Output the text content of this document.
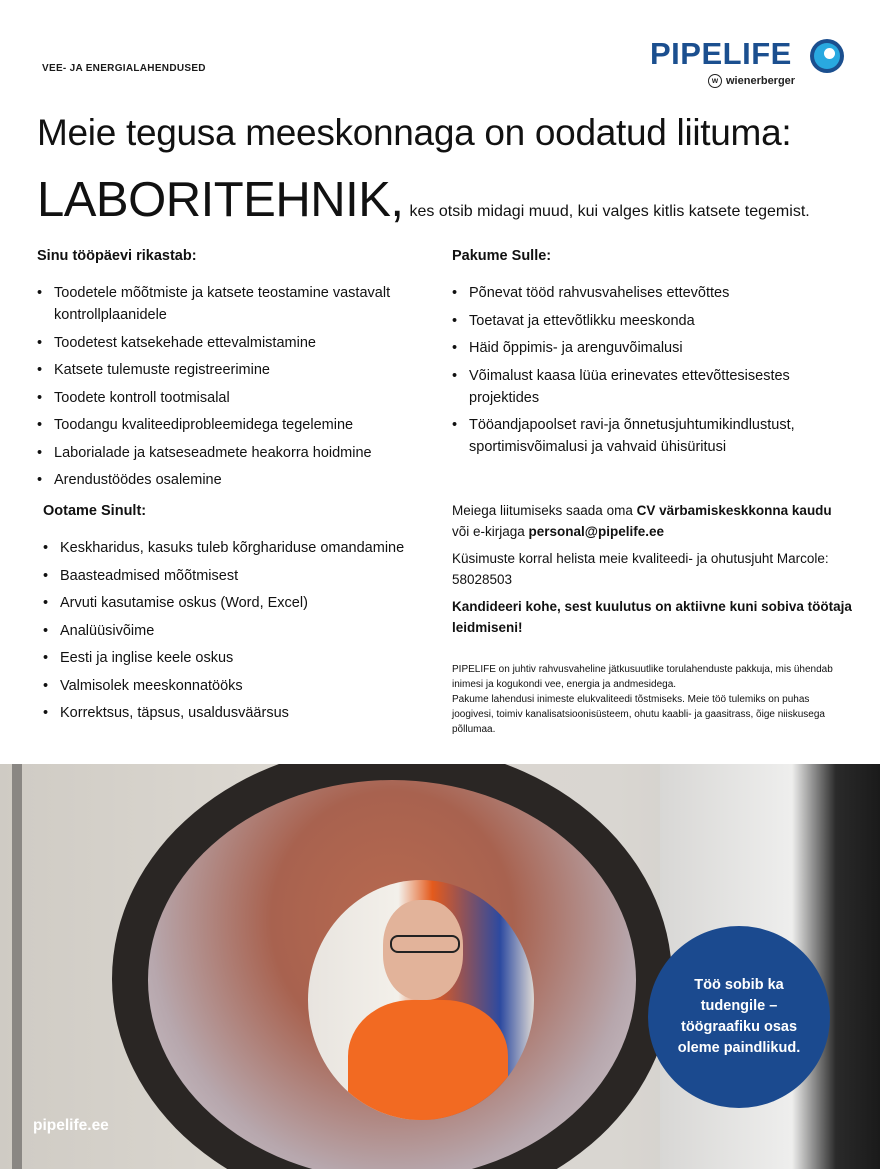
VEE- JA ENERGIALAHENDUSED	PIPELIFE
w wienerberger
Meie tegusa meeskonnaga on oodatud liituma:
LABORITEHNIK, kes otsib midagi muud, kui valges kitlis katsete tegemist.
Sinu tööpäevi rikastab:
• Toodetele mõõtmiste ja katsete teostamine vastavalt kontrollplaanidele
• Toodetest katsekehade ettevalmistamine
• Katsete tulemuste registreerimine
• Toodete kontroll tootmisalal
• Toodangu kvaliteediprobleemidega tegelemine
• Laborialade ja katseseadmete heakorra hoidmine
• Arendustöödes osalemine
Ootame Sinult:
• Keskharidus, kasuks tuleb kõrghariduse omandamine
• Baasteadmised mõõtmisest
• Arvuti kasutamise oskus (Word, Excel)
• Analüüsivõime
• Eesti ja inglise keele oskus
• Valmisolek meeskonnatööks
• Korrektsus, täpsus, usaldusväärsus
Pakume Sulle:
• Põnevat tööd rahvusvahelises ettevõttes
• Toetavat ja ettevõtlikku meeskonda
• Häid õppimis- ja arenguvõimalusi
• Võimalust kaasa lüüa erinevates ettevõttesisestes projektides
• Tööandjapoolset ravi-ja õnnetusjuhtumikindlustust, sportimisvõimalusi ja vahvaid ühisüritusi

Meiega liitumiseks saada oma CV värbamiskeskkonna kaudu või e-kirjaga personal@pipelife.ee

Küsimuste korral helista meie kvaliteedi- ja ohutusjuht Marcole: 58028503

Kandideeri kohe, sest kuulutus on aktiivne kuni sobiva töötaja leidmiseni!

PIPELIFE on juhtiv rahvusvaheline jätkusuutlike torulahenduste pakkuja, mis ühendab inimesi ja kogukondi vee, energia ja andmesidega.

Pakume lahendusi inimeste elukvaliteedi tõstmiseks. Meie töö tulemiks on puhas joogivesi, toimiv kanalisatsioonisüsteem, ohutu kaabli- ja gaasitrass, õige niiskusega põllumaa.

pipelife.ee
Töö sobib ka tudengile – töögraafiku osas oleme paindlikud.
